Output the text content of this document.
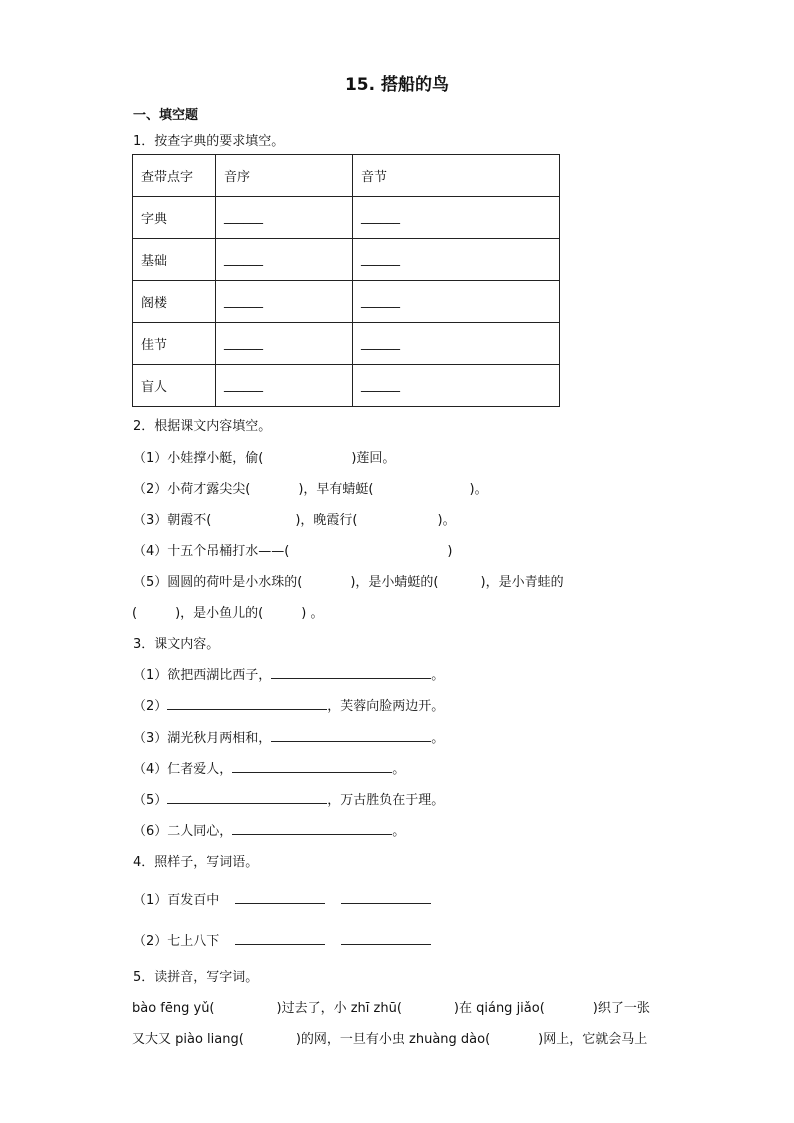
15. 搭船的鸟
一、填空题
1．按查字典的要求填空。
查带点字	音序	音节
字典	______	______
基础	______	______
阁楼	______	______
佳节	______	______
盲人	______	______
2．根据课文内容填空。
（1）小娃撑小艇，偷(	)莲回。
（2）小荷才露尖尖(	)，早有蜻蜓(	)。
（3）朝霞不(	)，晚霞行(	)。
（4）十五个吊桶打水——(	)
（5）圆圆的荷叶是小水珠的(	)，是小蜻蜓的(	)，是小青蛙的
(	)，是小鱼儿的(	) 。
3．课文内容。
（1）欲把西湖比西子，	。
（2）	，芙蓉向脸两边开。
（3）湖光秋月两相和，	。
（4）仁者爱人，	。
（5）	，万古胜负在于理。
（6）二人同心，	。
4．照样子，写词语。
（1）百发百中
（2）七上八下
5．读拼音，写字词。
bào fēng yǔ(	)过去了，小 zhī zhū(	)在 qiáng jiǎo(	)织了一张
又大又 piào liang(	)的网，一旦有小虫 zhuàng dào(	)网上，它就会马上
